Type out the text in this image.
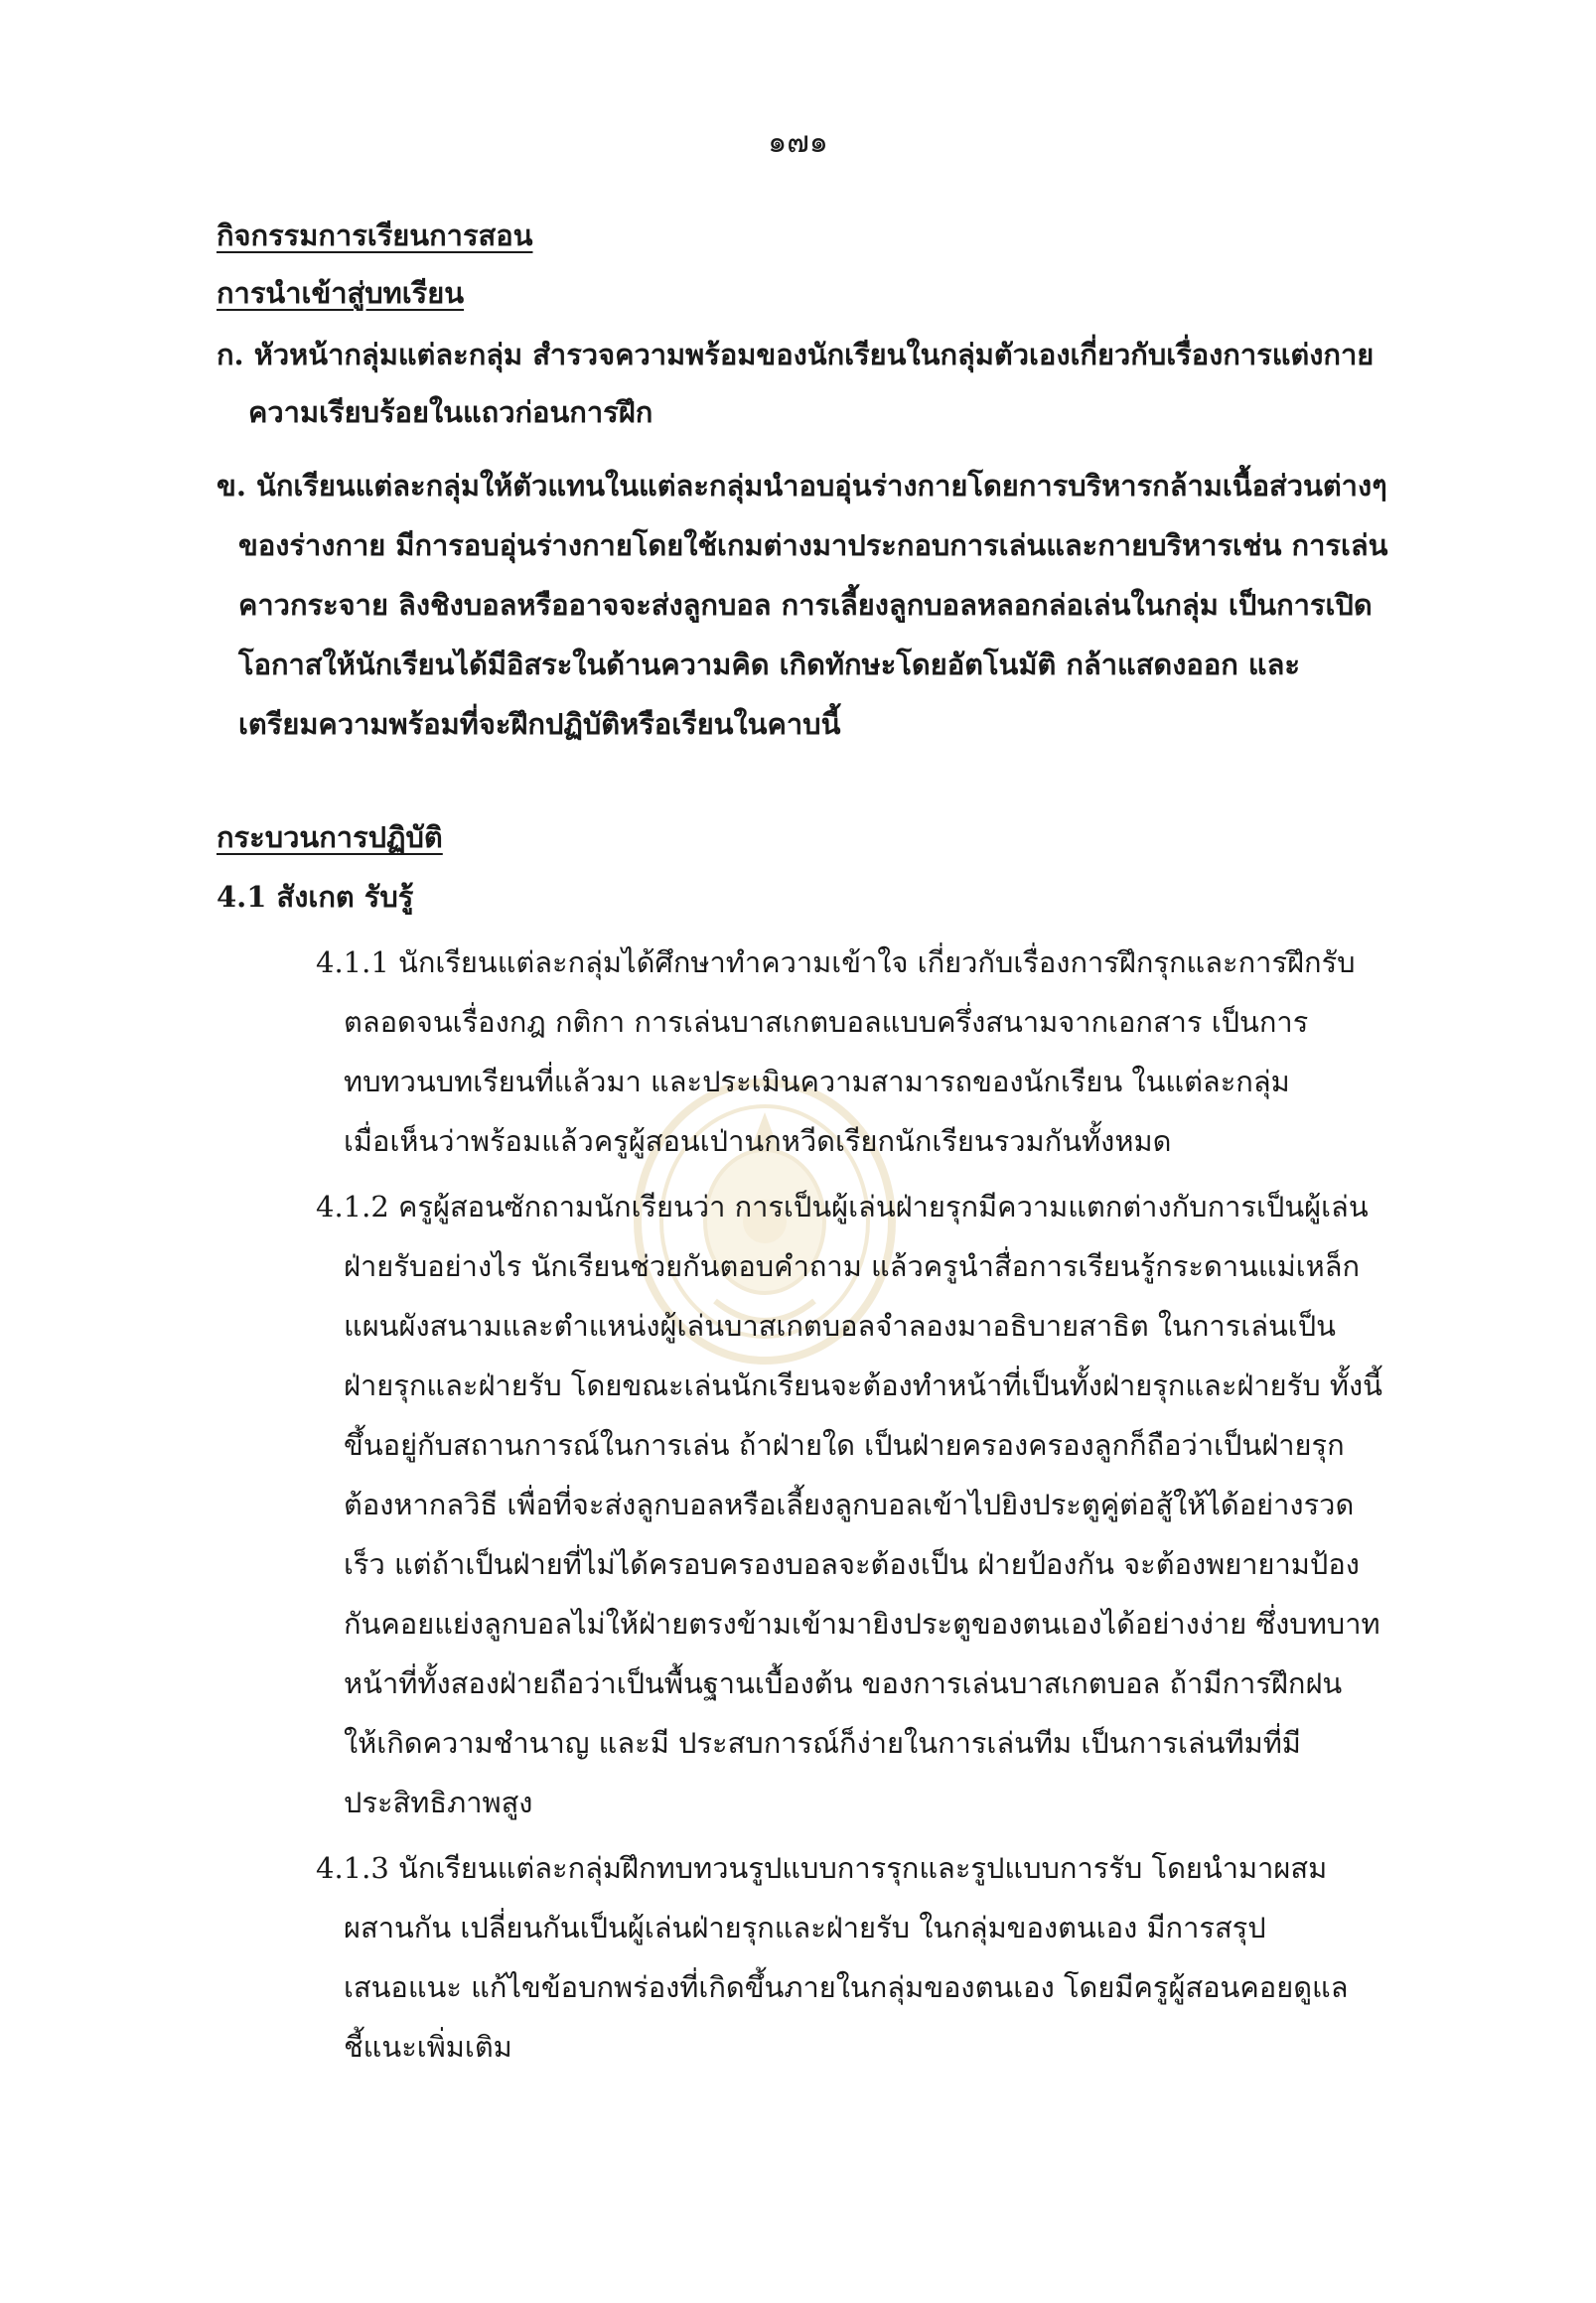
๑๗๑
กิจกรรมการเรียนการสอน
การนำเข้าสู่บทเรียน
ก. หัวหน้ากลุ่มแต่ละกลุ่ม สำรวจความพร้อมของนักเรียนในกลุ่มตัวเองเกี่ยวกับเรื่องการแต่งกาย
ความเรียบร้อยในแถวก่อนการฝึก
ข. นักเรียนแต่ละกลุ่มให้ตัวแทนในแต่ละกลุ่มนำอบอุ่นร่างกายโดยการบริหารกล้ามเนื้อส่วนต่างๆ
ของร่างกาย มีการอบอุ่นร่างกายโดยใช้เกมต่างมาประกอบการเล่นและกายบริหารเช่น การเล่น
คาวกระจาย ลิงชิงบอลหรืออาจจะส่งลูกบอล การเลี้ยงลูกบอลหลอกล่อเล่นในกลุ่ม เป็นการเปิด
โอกาสให้นักเรียนได้มีอิสระในด้านความคิด เกิดทักษะโดยอัตโนมัติ กล้าแสดงออก และ
เตรียมความพร้อมที่จะฝึกปฏิบัติหรือเรียนในคาบนี้
กระบวนการปฏิบัติ
4.1 สังเกต รับรู้
4.1.1 นักเรียนแต่ละกลุ่มได้ศึกษาทำความเข้าใจ เกี่ยวกับเรื่องการฝึกรุกและการฝึกรับ
ตลอดจนเรื่องกฎ กติกา การเล่นบาสเกตบอลแบบครึ่งสนามจากเอกสาร เป็นการ
ทบทวนบทเรียนที่แล้วมา และประเมินความสามารถของนักเรียน ในแต่ละกลุ่ม
เมื่อเห็นว่าพร้อมแล้วครูผู้สอนเป่านกหวีดเรียกนักเรียนรวมกันทั้งหมด
4.1.2 ครูผู้สอนซักถามนักเรียนว่า การเป็นผู้เล่นฝ่ายรุกมีความแตกต่างกับการเป็นผู้เล่น
ฝ่ายรับอย่างไร นักเรียนช่วยกันตอบคำถาม แล้วครูนำสื่อการเรียนรู้กระดานแม่เหล็ก
แผนผังสนามและตำแหน่งผู้เล่นบาสเกตบอลจำลองมาอธิบายสาธิต ในการเล่นเป็น
ฝ่ายรุกและฝ่ายรับ โดยขณะเล่นนักเรียนจะต้องทำหน้าที่เป็นทั้งฝ่ายรุกและฝ่ายรับ ทั้งนี้
ขึ้นอยู่กับสถานการณ์ในการเล่น ถ้าฝ่ายใด เป็นฝ่ายครองครองลูกก็ถือว่าเป็นฝ่ายรุก
ต้องหากลวิธี เพื่อที่จะส่งลูกบอลหรือเลี้ยงลูกบอลเข้าไปยิงประตูคู่ต่อสู้ให้ได้อย่างรวด
เร็ว แต่ถ้าเป็นฝ่ายที่ไม่ได้ครอบครองบอลจะต้องเป็น ฝ่ายป้องกัน จะต้องพยายามป้อง
กันคอยแย่งลูกบอลไม่ให้ฝ่ายตรงข้ามเข้ามายิงประตูของตนเองได้อย่างง่าย ซึ่งบทบาท
หน้าที่ทั้งสองฝ่ายถือว่าเป็นพื้นฐานเบื้องต้น ของการเล่นบาสเกตบอล ถ้ามีการฝึกฝน
ให้เกิดความชำนาญ และมี ประสบการณ์ก็ง่ายในการเล่นทีม เป็นการเล่นทีมที่มี
ประสิทธิภาพสูง
4.1.3 นักเรียนแต่ละกลุ่มฝึกทบทวนรูปแบบการรุกและรูปแบบการรับ โดยนำมาผสม
ผสานกัน เปลี่ยนกันเป็นผู้เล่นฝ่ายรุกและฝ่ายรับ ในกลุ่มของตนเอง มีการสรุป
เสนอแนะ แก้ไขข้อบกพร่องที่เกิดขึ้นภายในกลุ่มของตนเอง โดยมีครูผู้สอนคอยดูแล
ชี้แนะเพิ่มเติม
